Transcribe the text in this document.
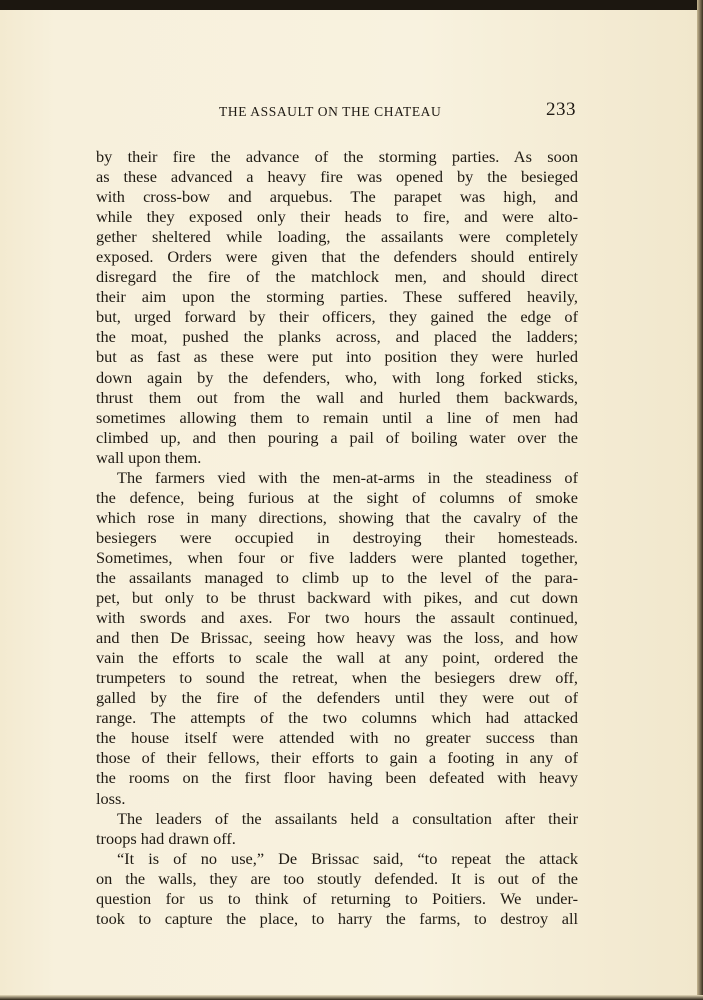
THE ASSAULT ON THE CHATEAU	233
by their fire the advance of the storming parties. As soon
as these advanced a heavy fire was opened by the besieged
with cross-bow and arquebus. The parapet was high, and
while they exposed only their heads to fire, and were alto-
gether sheltered while loading, the assailants were completely
exposed. Orders were given that the defenders should entirely
disregard the fire of the matchlock men, and should direct
their aim upon the storming parties. These suffered heavily,
but, urged forward by their officers, they gained the edge of
the moat, pushed the planks across, and placed the ladders;
but as fast as these were put into position they were hurled
down again by the defenders, who, with long forked sticks,
thrust them out from the wall and hurled them backwards,
sometimes allowing them to remain until a line of men had
climbed up, and then pouring a pail of boiling water over the
wall upon them.
The farmers vied with the men-at-arms in the steadiness of
the defence, being furious at the sight of columns of smoke
which rose in many directions, showing that the cavalry of the
besiegers were occupied in destroying their homesteads.
Sometimes, when four or five ladders were planted together,
the assailants managed to climb up to the level of the para-
pet, but only to be thrust backward with pikes, and cut down
with swords and axes. For two hours the assault continued,
and then De Brissac, seeing how heavy was the loss, and how
vain the efforts to scale the wall at any point, ordered the
trumpeters to sound the retreat, when the besiegers drew off,
galled by the fire of the defenders until they were out of
range. The attempts of the two columns which had attacked
the house itself were attended with no greater success than
those of their fellows, their efforts to gain a footing in any of
the rooms on the first floor having been defeated with heavy
loss.
The leaders of the assailants held a consultation after their
troops had drawn off.
“It is of no use,” De Brissac said, “to repeat the attack
on the walls, they are too stoutly defended. It is out of the
question for us to think of returning to Poitiers. We under-
took to capture the place, to harry the farms, to destroy all
